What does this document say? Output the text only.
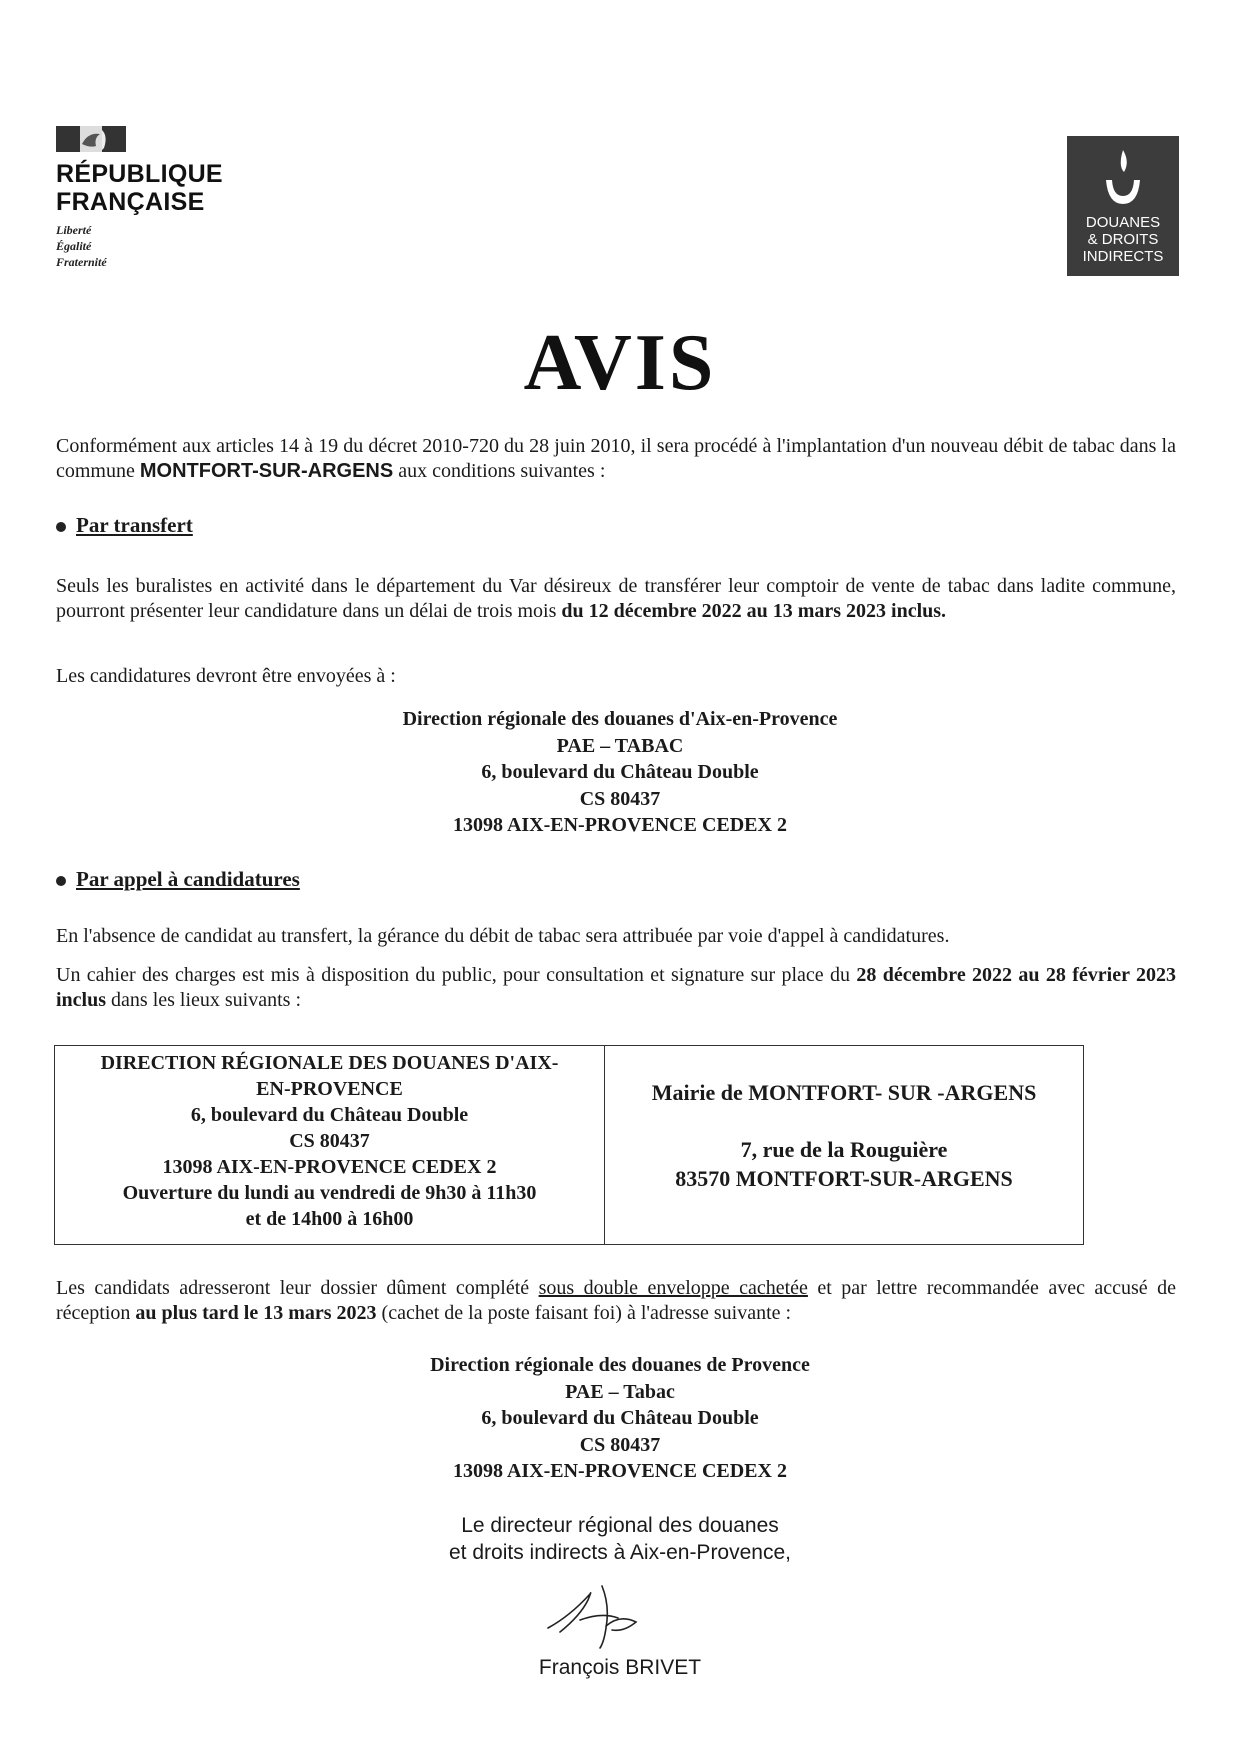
RÉPUBLIQUE
FRANÇAISE
Liberté
Égalité
Fraternité
DOUANES
& DROITS
INDIRECTS
AVIS
Conformément aux articles 14 à 19 du décret 2010-720 du 28 juin 2010, il sera procédé à l'implantation d'un nouveau débit de tabac dans la commune MONTFORT-SUR-ARGENS aux conditions suivantes :
Par transfert
Seuls les buralistes en activité dans le département du Var désireux de transférer leur comptoir de vente de tabac dans ladite commune, pourront présenter leur candidature dans un délai de trois mois du 12 décembre 2022 au 13 mars 2023 inclus.
Les candidatures devront être envoyées à :
Direction régionale des douanes d'Aix-en-Provence
PAE – TABAC
6, boulevard du Château Double
CS 80437
13098 AIX-EN-PROVENCE CEDEX 2
Par appel à candidatures
En l'absence de candidat au transfert, la gérance du débit de tabac sera attribuée par voie d'appel à candidatures.
Un cahier des charges est mis à disposition du public, pour consultation et signature sur place du 28 décembre 2022 au 28 février 2023 inclus dans les lieux suivants :
DIRECTION RÉGIONALE DES DOUANES D'AIX-
EN-PROVENCE
6, boulevard du Château Double
CS 80437
13098 AIX-EN-PROVENCE CEDEX 2
Ouverture du lundi au vendredi de 9h30 à 11h30
et de 14h00 à 16h00
Mairie de MONTFORT- SUR -ARGENS
7, rue de la Rouguière
83570 MONTFORT-SUR-ARGENS
Les candidats adresseront leur dossier dûment complété sous double enveloppe cachetée et par lettre recommandée avec accusé de réception au plus tard le 13 mars 2023 (cachet de la poste faisant foi) à l'adresse suivante :
Direction régionale des douanes de Provence
PAE – Tabac
6, boulevard du Château Double
CS 80437
13098 AIX-EN-PROVENCE CEDEX 2
Le directeur régional des douanes
et droits indirects à Aix-en-Provence,
François BRIVET
